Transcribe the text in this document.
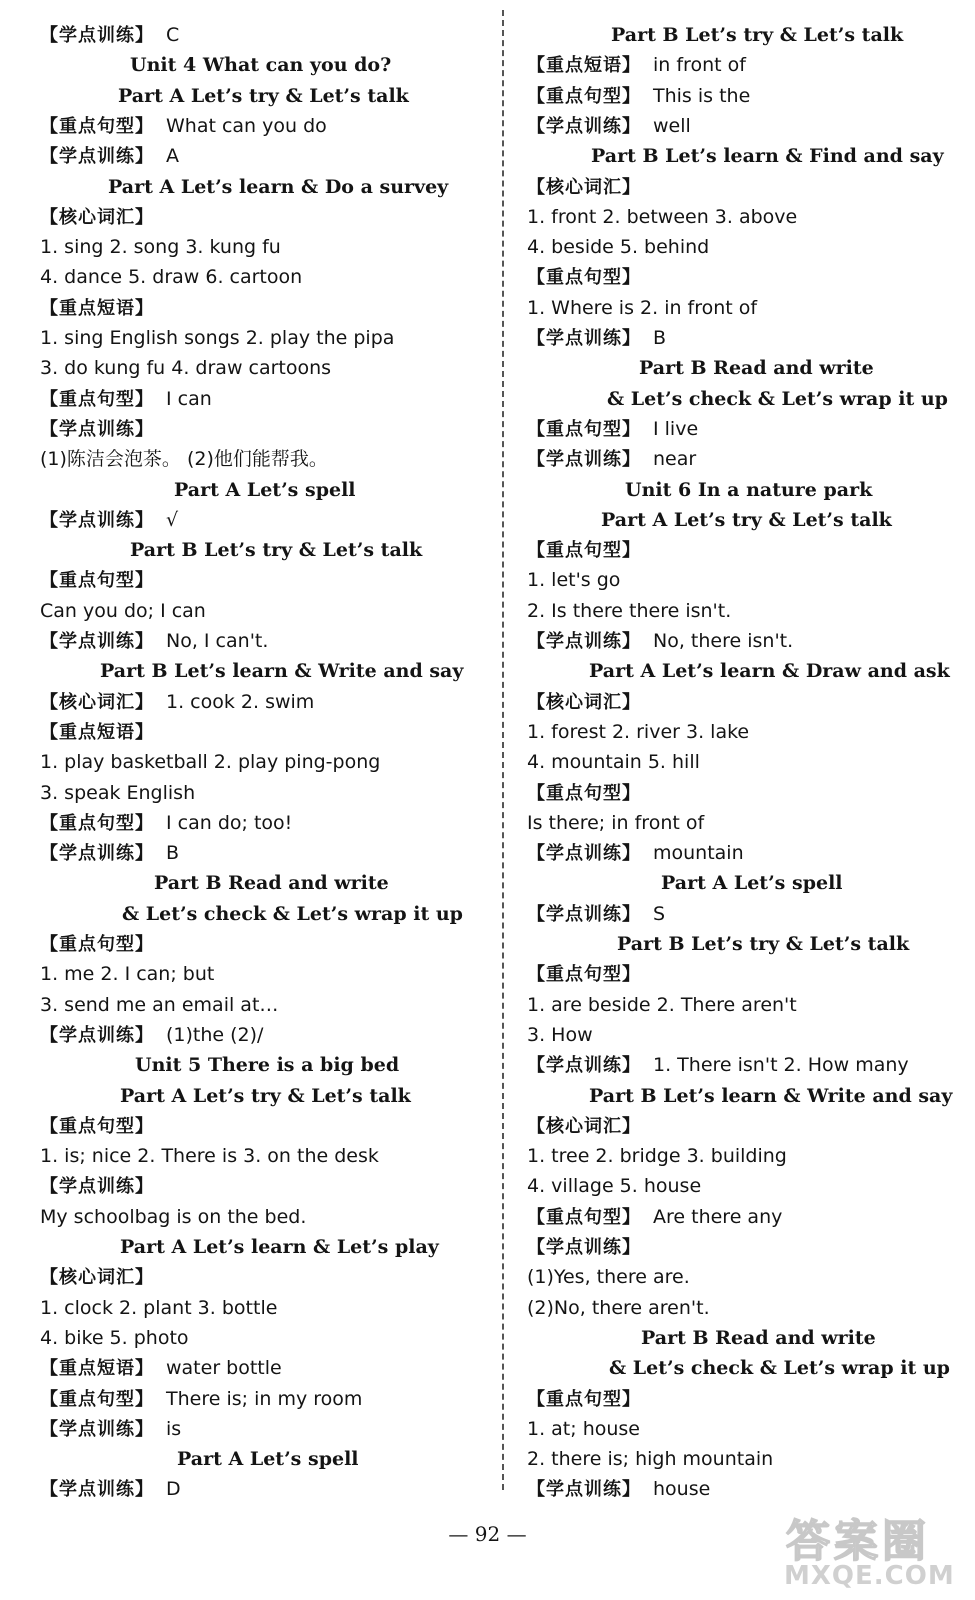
【学点训练】 C
Unit 4 What can you do?
Part A Let’s try & Let’s talk
【重点句型】 What can you do
【学点训练】 A
Part A Let’s learn & Do a survey
【核心词汇】
1. sing 2. song 3. kung fu
4. dance 5. draw 6. cartoon
【重点短语】
1. sing English songs 2. play the pipa
3. do kung fu 4. draw cartoons
【重点句型】 I can
【学点训练】
(1)陈洁会泡茶。 (2)他们能帮我。
Part A Let’s spell
【学点训练】 √
Part B Let’s try & Let’s talk
【重点句型】
Can you do; I can
【学点训练】 No, I can't.
Part B Let’s learn & Write and say
【核心词汇】 1. cook 2. swim
【重点短语】
1. play basketball 2. play ping-pong
3. speak English
【重点句型】 I can do; too!
【学点训练】 B
Part B Read and write
& Let’s check & Let’s wrap it up
【重点句型】
1. me 2. I can; but
3. send me an email at…
【学点训练】 (1)the (2)/
Unit 5 There is a big bed
Part A Let’s try & Let’s talk
【重点句型】
1. is; nice 2. There is 3. on the desk
【学点训练】
My schoolbag is on the bed.
Part A Let’s learn & Let’s play
【核心词汇】
1. clock 2. plant 3. bottle
4. bike 5. photo
【重点短语】 water bottle
【重点句型】 There is; in my room
【学点训练】 is
Part A Let’s spell
【学点训练】 D
Part B Let’s try & Let’s talk
【重点短语】 in front of
【重点句型】 This is the
【学点训练】 well
Part B Let’s learn & Find and say
【核心词汇】
1. front 2. between 3. above
4. beside 5. behind
【重点句型】
1. Where is 2. in front of
【学点训练】 B
Part B Read and write
& Let’s check & Let’s wrap it up
【重点句型】 I live
【学点训练】 near
Unit 6 In a nature park
Part A Let’s try & Let’s talk
【重点句型】
1. let's go
2. Is there there isn't.
【学点训练】 No, there isn't.
Part A Let’s learn & Draw and ask
【核心词汇】
1. forest 2. river 3. lake
4. mountain 5. hill
【重点句型】
Is there; in front of
【学点训练】 mountain
Part A Let’s spell
【学点训练】 S
Part B Let’s try & Let’s talk
【重点句型】
1. are beside 2. There aren't
3. How
【学点训练】 1. There isn't 2. How many
Part B Let’s learn & Write and say
【核心词汇】
1. tree 2. bridge 3. building
4. village 5. house
【重点句型】 Are there any
【学点训练】
(1)Yes, there are.
(2)No, there aren't.
Part B Read and write
& Let’s check & Let’s wrap it up
【重点句型】
1. at; house
2. there is; high mountain
【学点训练】 house
— 92 —	答案圈
MXQE.COM
